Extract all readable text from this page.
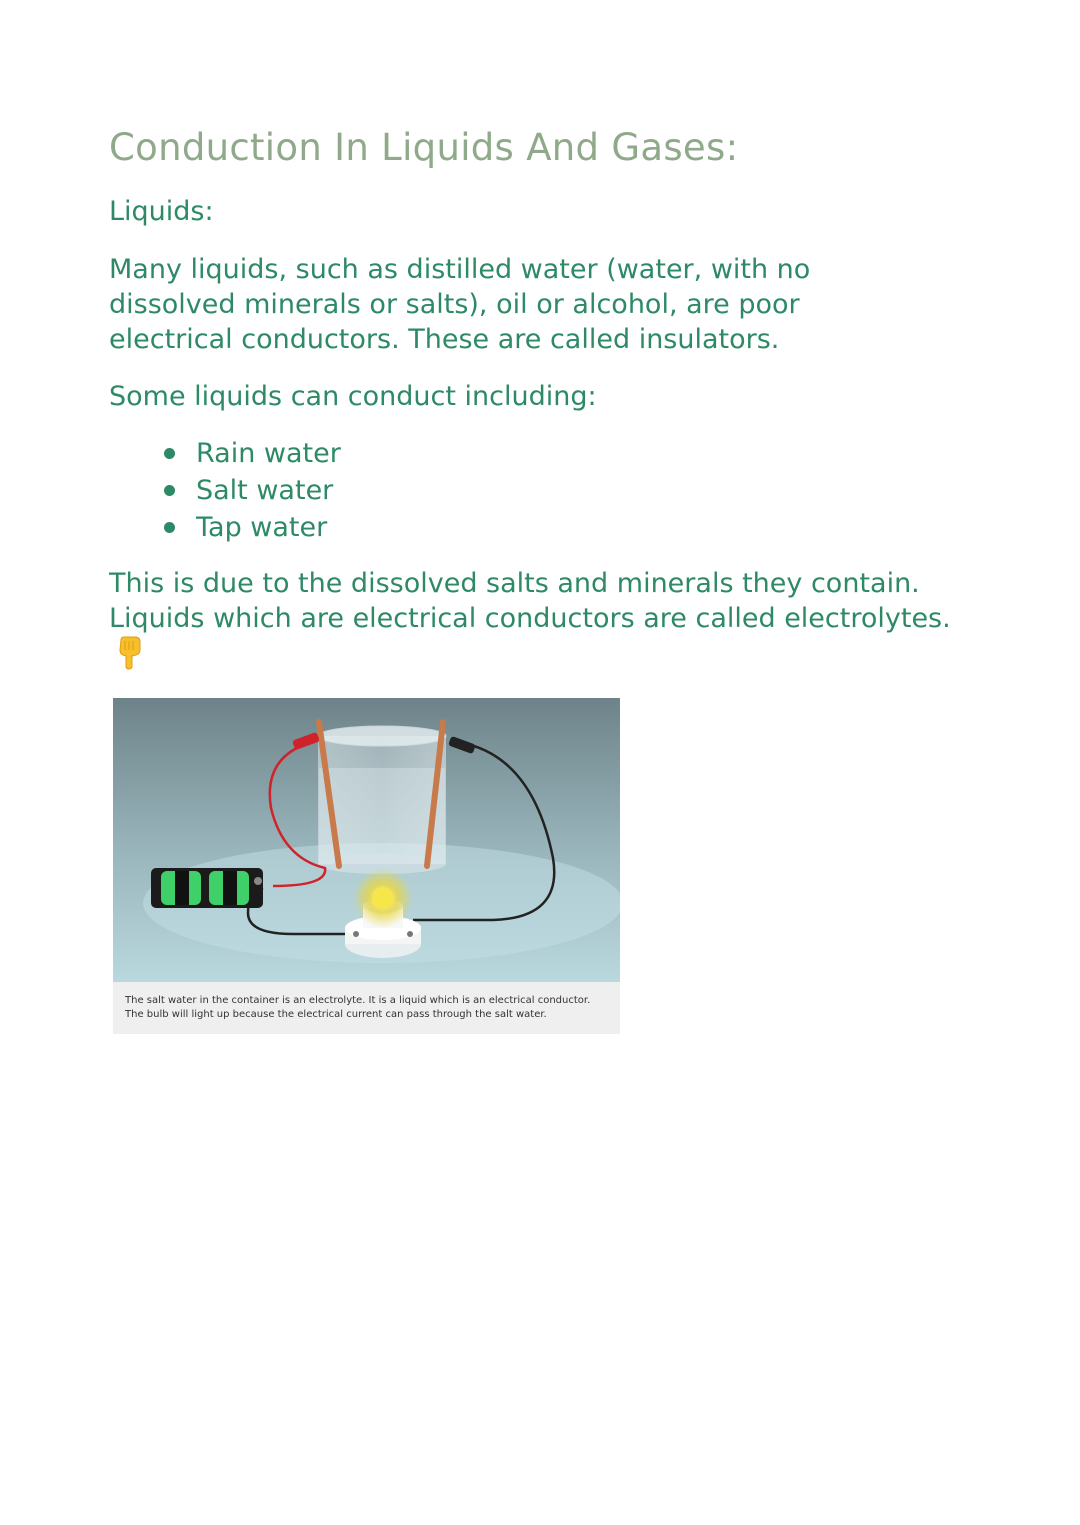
Conduction In Liquids And Gases:
Liquids:

Many liquids, such as distilled water (water, with no dissolved minerals or salts), oil or alcohol, are poor electrical conductors. These are called insulators.

Some liquids can conduct including:

Rain water
Salt water
Tap water

This is due to the dissolved salts and minerals they contain. Liquids which are electrical conductors are called electrolytes.

The salt water in the container is an electrolyte. It is a liquid which is an electrical conductor.
The bulb will light up because the electrical current can pass through the salt water.
